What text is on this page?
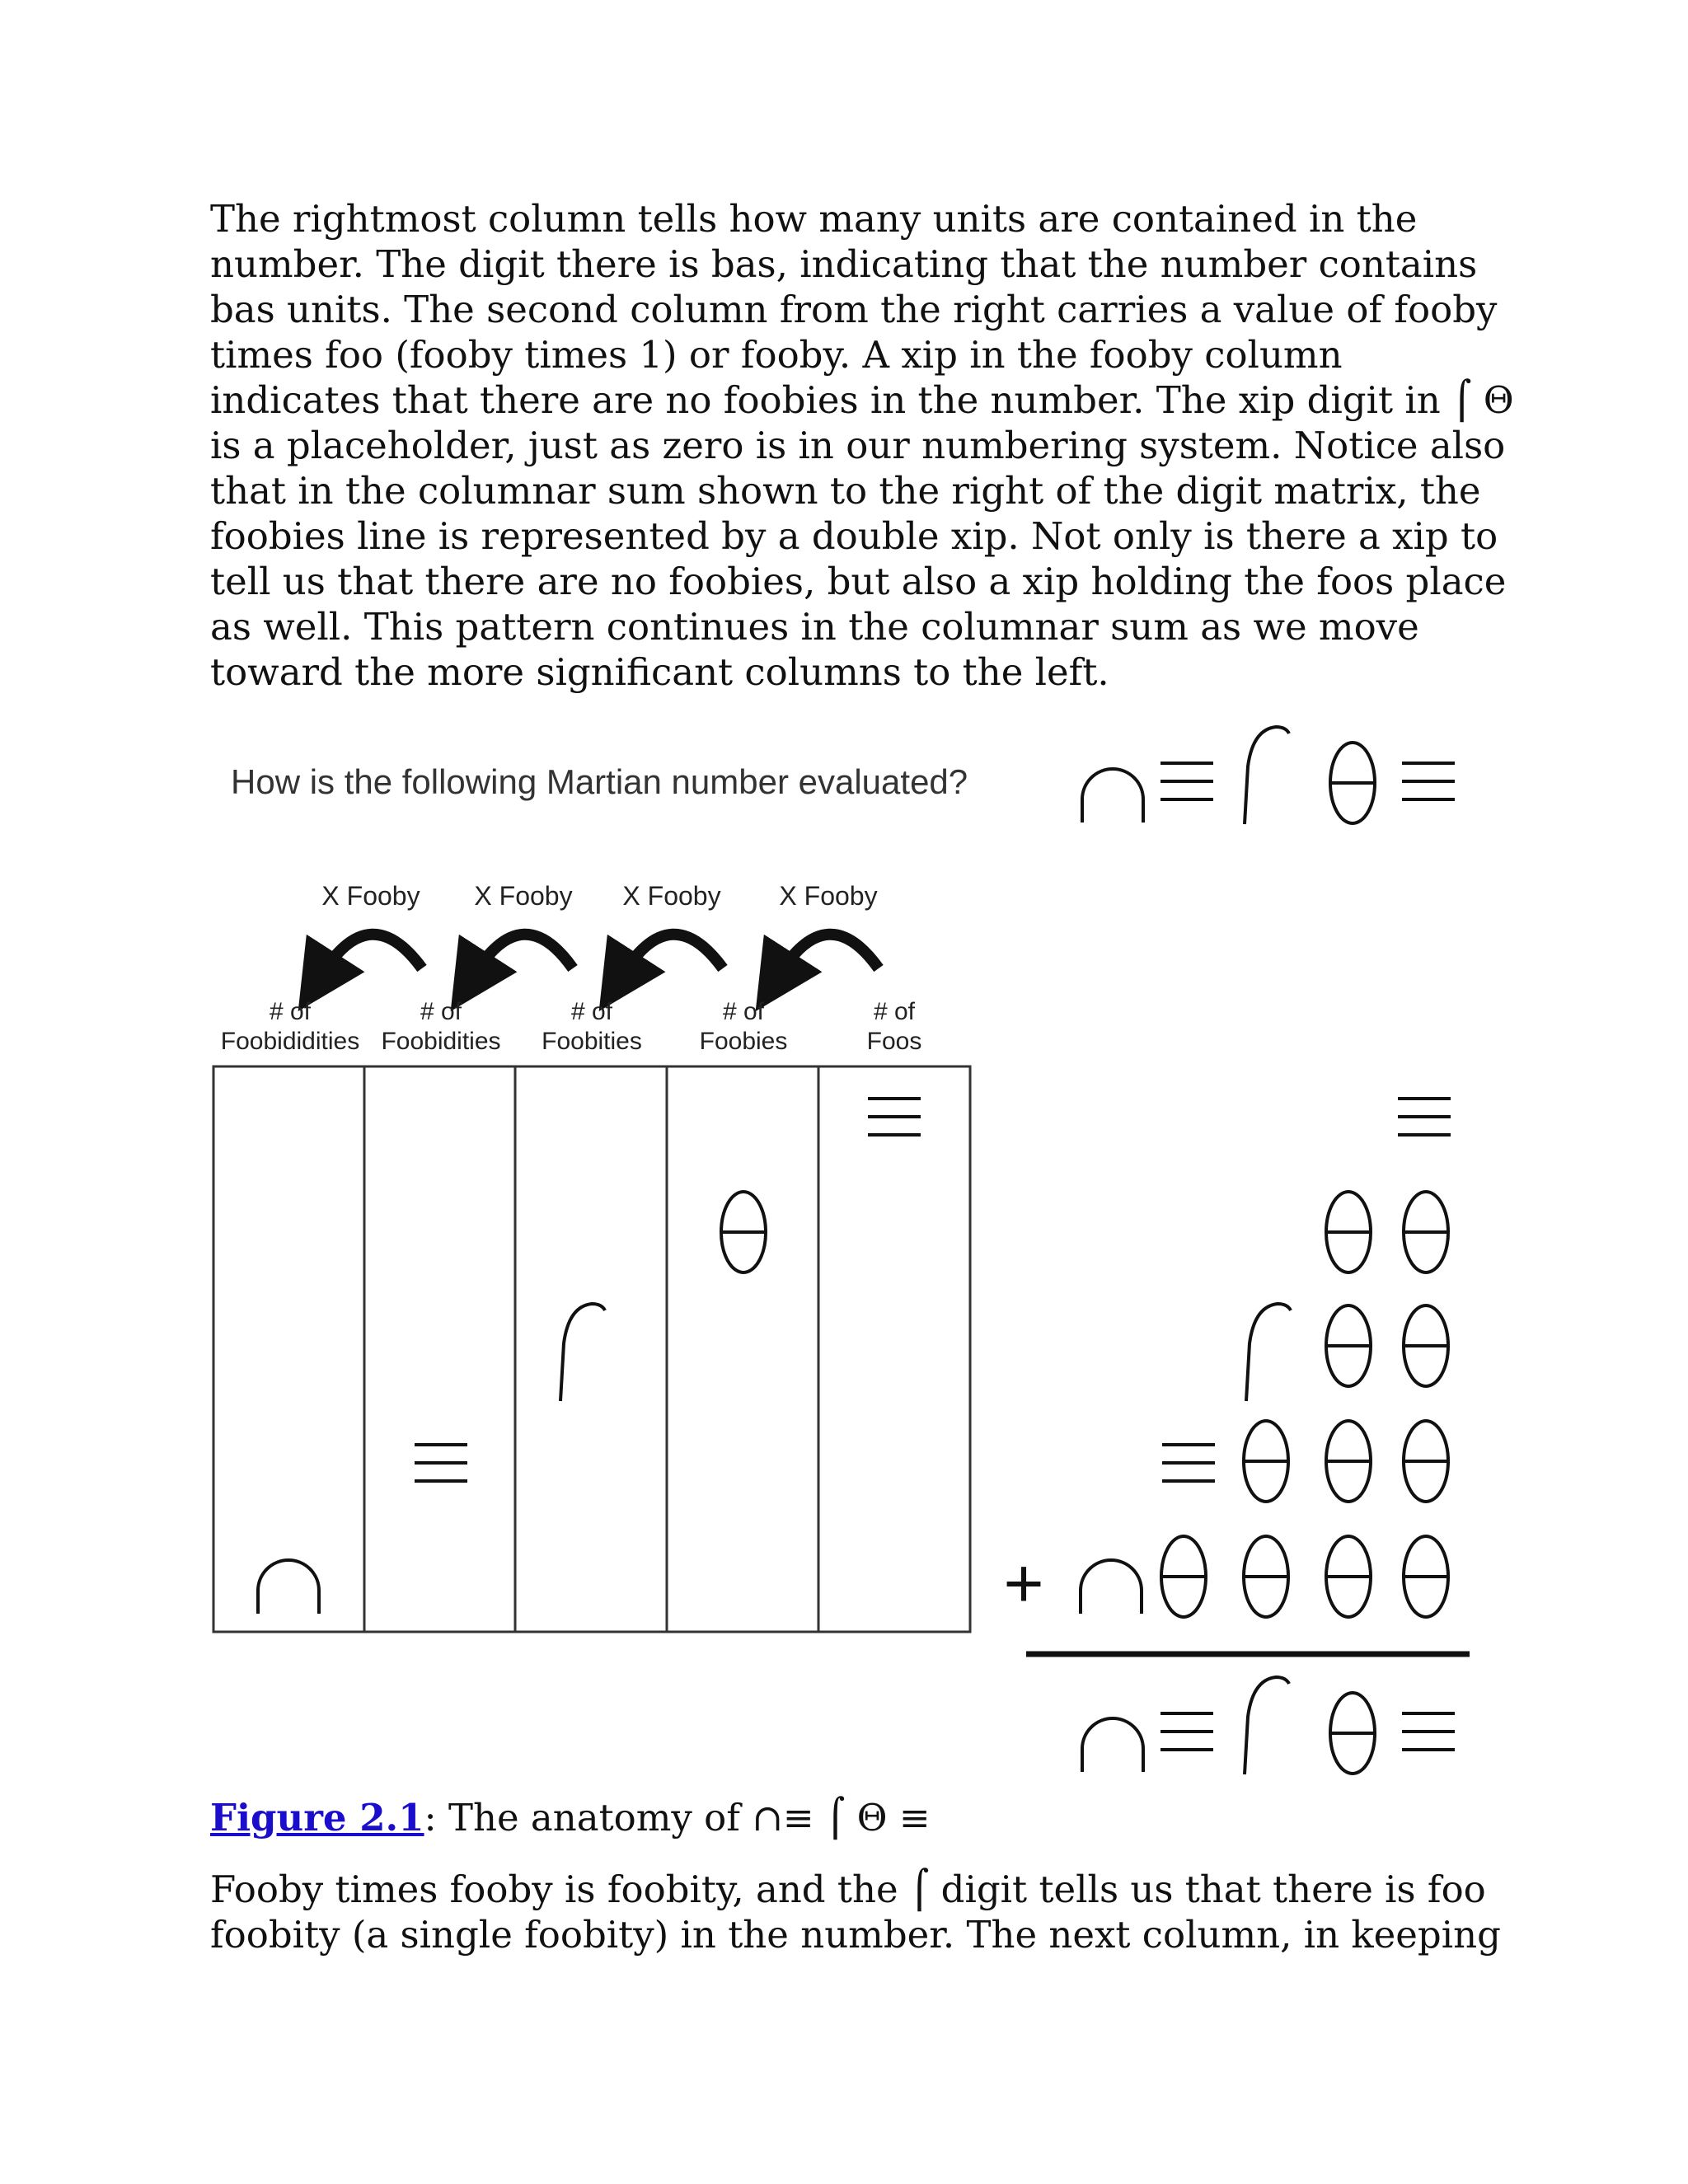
The rightmost column tells how many units are contained in the
number. The digit there is bas, indicating that the number contains
bas units. The second column from the right carries a value of fooby
times foo (fooby times 1) or fooby. A xip in the fooby column
indicates that there are no foobies in the number. The xip digit in ⌠ Θ
is a placeholder, just as zero is in our numbering system. Notice also
that in the columnar sum shown to the right of the digit matrix, the
foobies line is represented by a double xip. Not only is there a xip to
tell us that there are no foobies, but also a xip holding the foos place
as well. This pattern continues in the columnar sum as we move
toward the more significant columns to the left.
How is the following Martian number evaluated?
X Fooby X Fooby X Fooby X Fooby
# of
Foobididities
# of
Foobidities
# of
Foobities
# of
Foobies
# of
Foos
+
Figure 2.1: The anatomy of ∩≡ ⌠ Θ ≡
Fooby times fooby is foobity, and the ⌠ digit tells us that there is foo
foobity (a single foobity) in the number. The next column, in keeping
